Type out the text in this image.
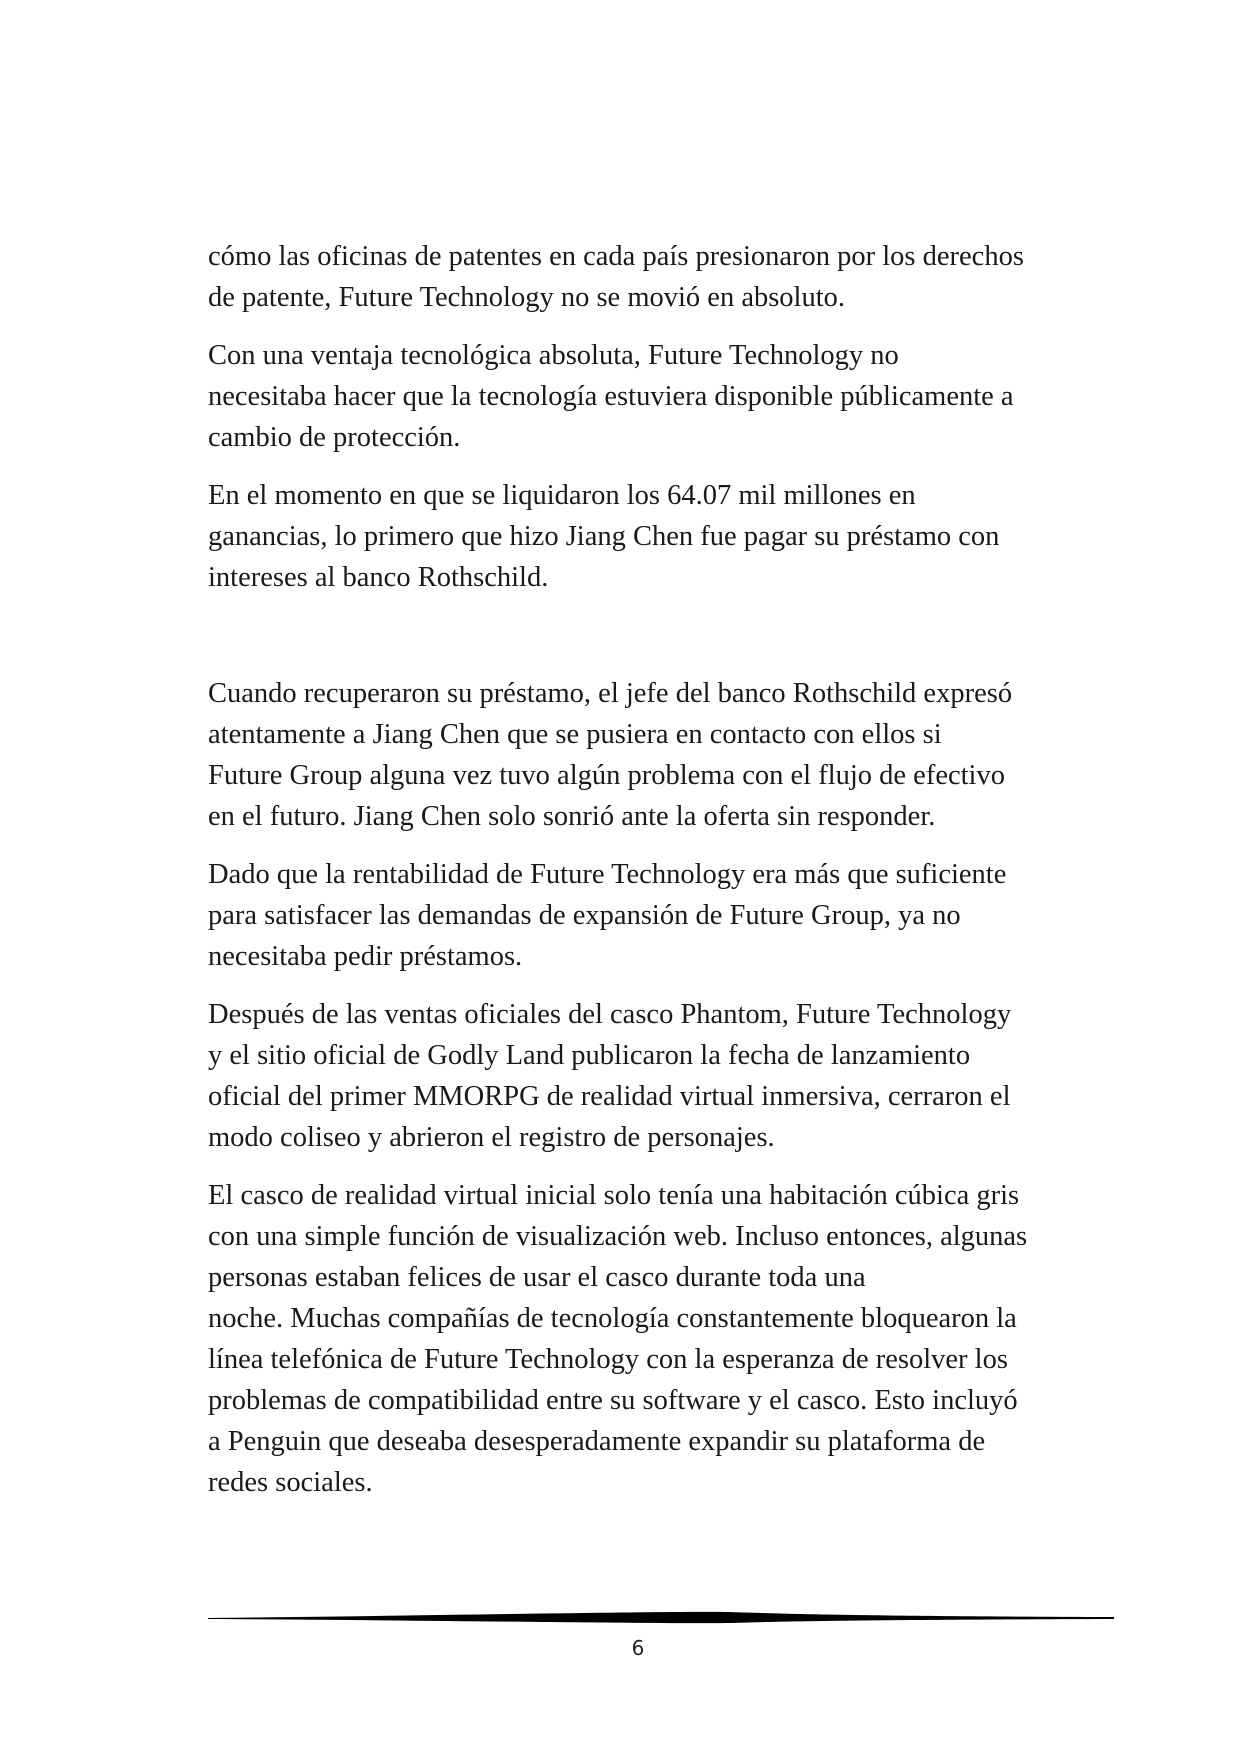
cómo las oficinas de patentes en cada país presionaron por los derechos
de patente, Future Technology no se movió en absoluto.

Con una ventaja tecnológica absoluta, Future Technology no
necesitaba hacer que la tecnología estuviera disponible públicamente a
cambio de protección.

En el momento en que se liquidaron los 64.07 mil millones en
ganancias, lo primero que hizo Jiang Chen fue pagar su préstamo con
intereses al banco Rothschild.

Cuando recuperaron su préstamo, el jefe del banco Rothschild expresó
atentamente a Jiang Chen que se pusiera en contacto con ellos si
Future Group alguna vez tuvo algún problema con el flujo de efectivo
en el futuro. Jiang Chen solo sonrió ante la oferta sin responder.

Dado que la rentabilidad de Future Technology era más que suficiente
para satisfacer las demandas de expansión de Future Group, ya no
necesitaba pedir préstamos.

Después de las ventas oficiales del casco Phantom, Future Technology
y el sitio oficial de Godly Land publicaron la fecha de lanzamiento
oficial del primer MMORPG de realidad virtual inmersiva, cerraron el
modo coliseo y abrieron el registro de personajes.

El casco de realidad virtual inicial solo tenía una habitación cúbica gris
con una simple función de visualización web. Incluso entonces, algunas
personas estaban felices de usar el casco durante toda una
noche. Muchas compañías de tecnología constantemente bloquearon la
línea telefónica de Future Technology con la esperanza de resolver los
problemas de compatibilidad entre su software y el casco. Esto incluyó
a Penguin que deseaba desesperadamente expandir su plataforma de
redes sociales.

6
